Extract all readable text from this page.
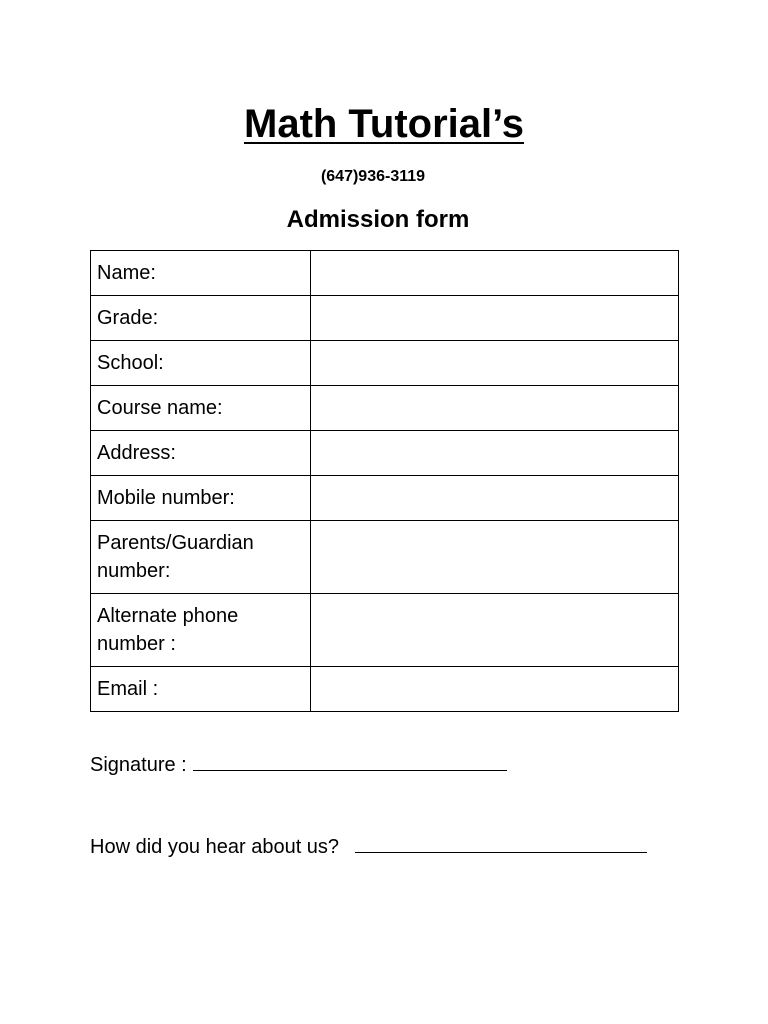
Math Tutorial’s
(647)936-3119
Admission form
Name:	
Grade:	
School:	
Course name:	
Address:	
Mobile number:	
Parents/Guardian number:	
Alternate phone number :	
Email :	
Signature :
How did you hear about us?
